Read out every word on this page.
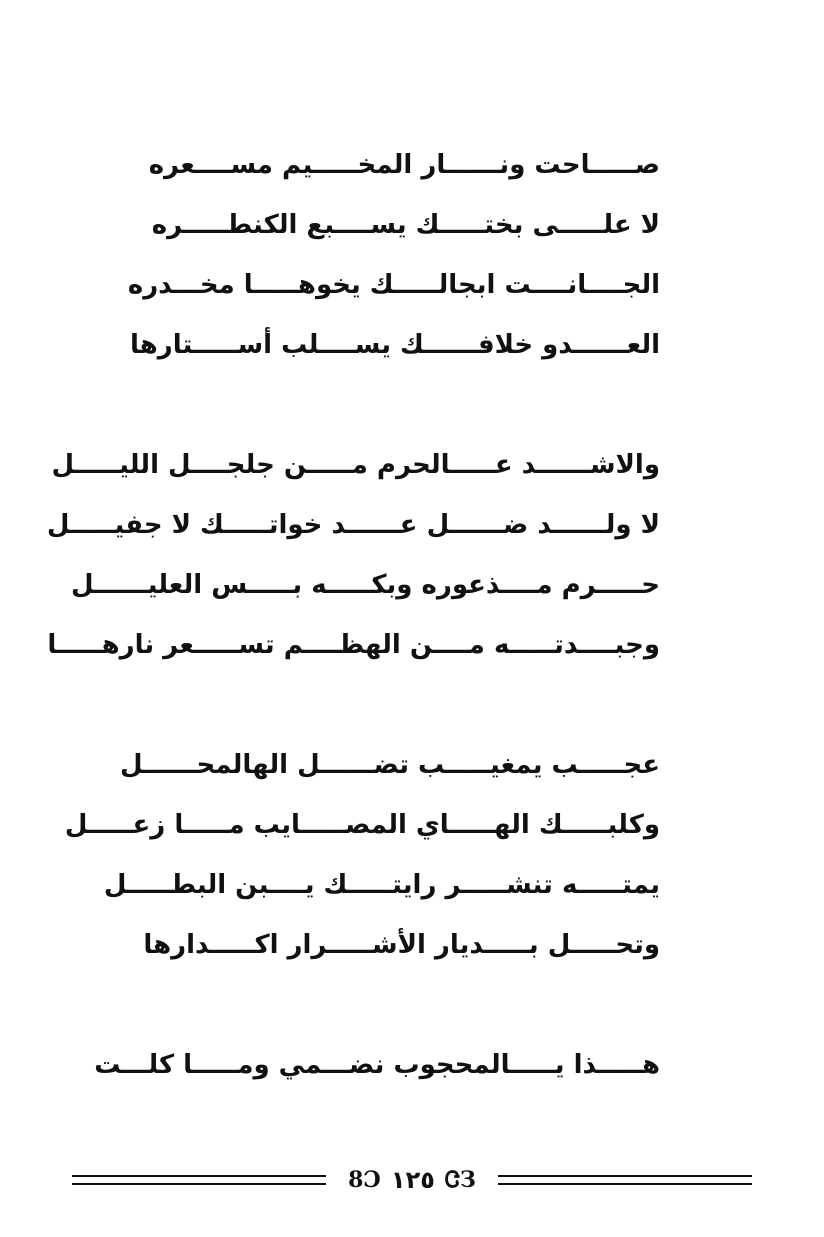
صـــــاحت ونــــــار المخـــــيم مســــعره
لا علـــــى بختـــــك يســــبع الكنطـــــره
الجــــانــــت ابجالـــــك يخوهـــــا مخـــدره
العــــــدو خلافــــــك يســــلب أســـــتارها
والاشــــــد عـــــالحرم مـــــن جلجــــل الليـــــل
لا ولــــــد ضــــــل عــــــد خواتـــــك لا جفيـــــل
حـــــرم مــــذعوره وبكـــــه بـــــس العليــــــل
وجبــــدتـــــه مــــن الهظــــم تســـــعر نارهـــــا
عجـــــب يمغيـــــب تضــــــل الهالمحــــــل
وكلبـــــك الهـــــاي المصـــــايب مـــــا زعـــــل
يمتـــــه تنشـــــر رايتـــــك يــــبن البطـــــل
وتحـــــل بـــــديار الأشـــــرار اكـــــدارها
هـــــذا يـــــالمحجوب نضـــمي ومـــــا كلـــت
8Ɔ ١٢٥ ᏣЗ
